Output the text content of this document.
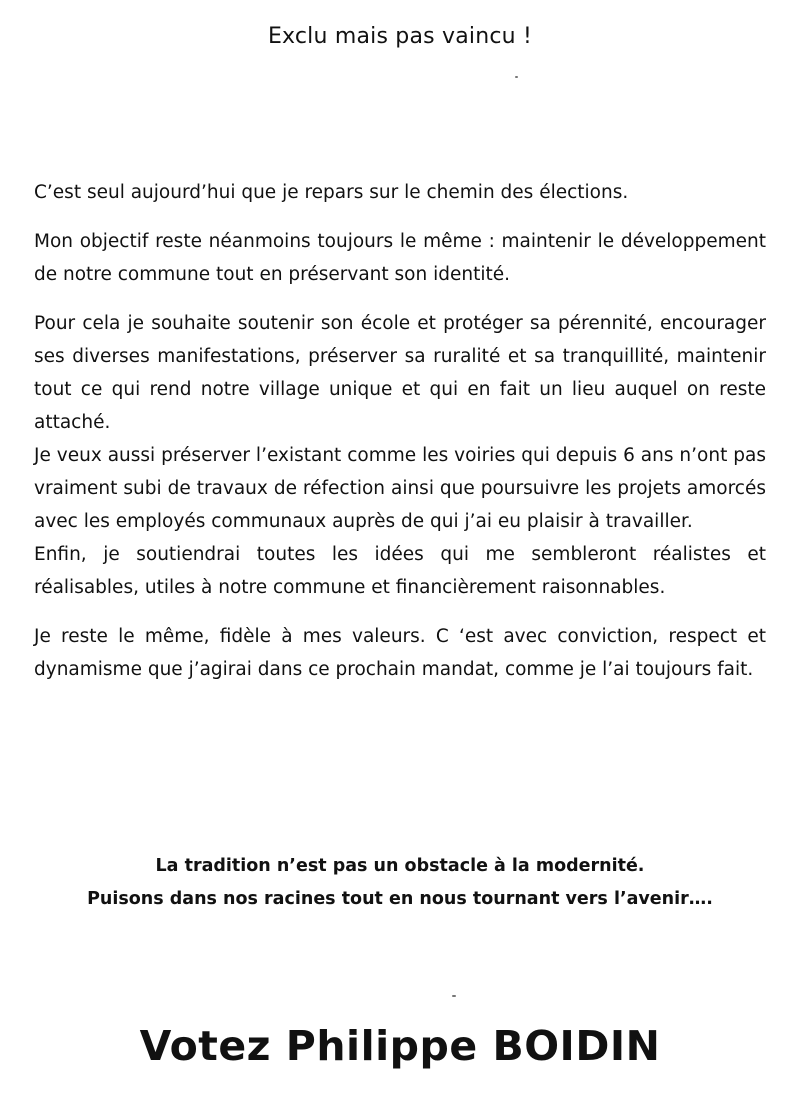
Exclu mais pas vaincu !

C’est seul aujourd’hui que je repars sur le chemin des élections.

Mon objectif reste néanmoins toujours le même : maintenir le développement de notre commune tout en préservant son identité.

Pour cela je souhaite soutenir son école et protéger sa pérennité, encourager ses diverses manifestations, préserver sa ruralité et sa tranquillité, maintenir tout ce qui rend notre village unique et qui en fait un lieu auquel on reste attaché.

Je veux aussi préserver l’existant comme les voiries qui depuis 6 ans n’ont pas vraiment subi de travaux de réfection ainsi que poursuivre les projets amorcés avec les employés communaux auprès de qui j’ai eu plaisir à travailler.

Enfin, je soutiendrai toutes les idées qui me sembleront réalistes et réalisables, utiles à notre commune et financièrement raisonnables.

Je reste le même, fidèle à mes valeurs. C ‘est avec conviction, respect et dynamisme que j’agirai dans ce prochain mandat, comme je l’ai toujours fait.

La tradition n’est pas un obstacle à la modernité.
Puisons dans nos racines tout en nous tournant vers l’avenir….
Votez Philippe BOIDIN
